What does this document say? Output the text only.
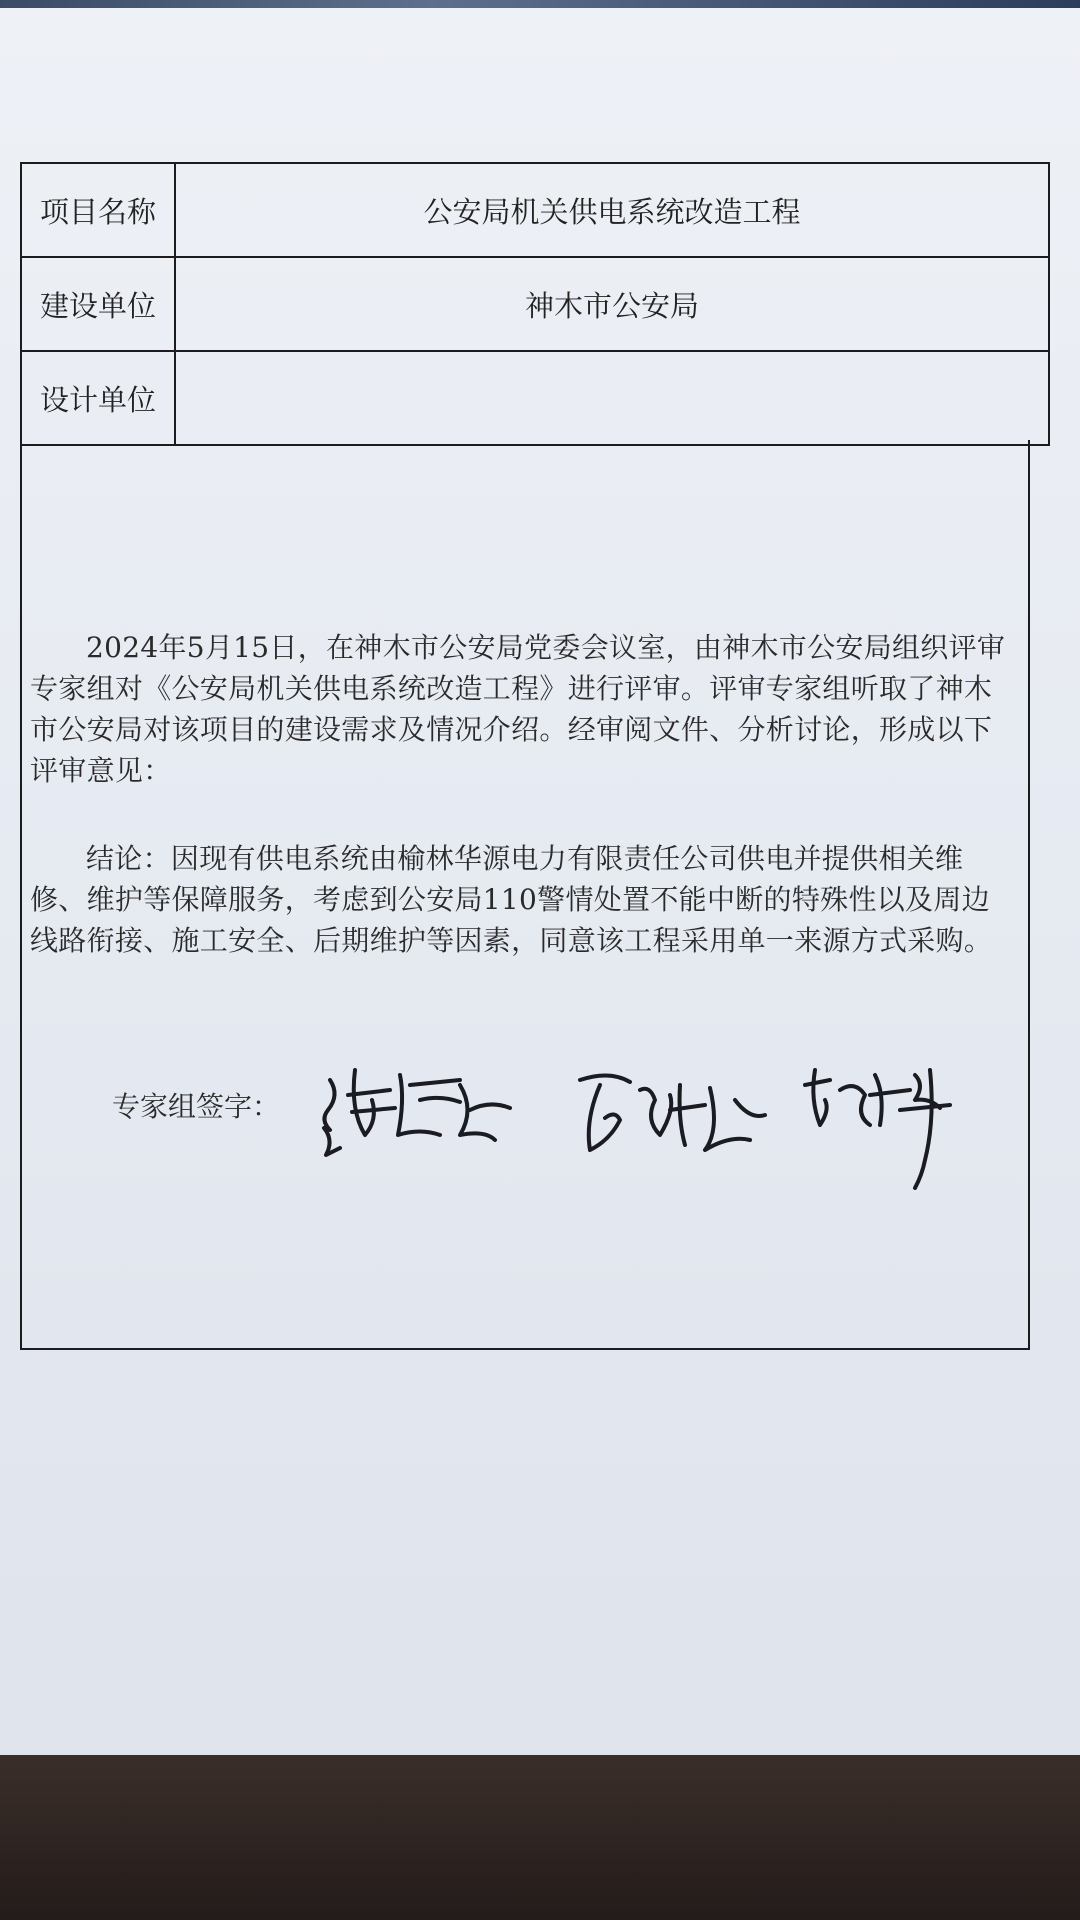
项目名称	公安局机关供电系统改造工程
建设单位	神木市公安局
设计单位	

2024年5月15日，在神木市公安局党委会议室，由神木市公安局组织评审专家组对《公安局机关供电系统改造工程》进行评审。评审专家组听取了神木市公安局对该项目的建设需求及情况介绍。经审阅文件、分析讨论，形成以下评审意见：

结论：因现有供电系统由榆林华源电力有限责任公司供电并提供相关维修、维护等保障服务，考虑到公安局110警情处置不能中断的特殊性以及周边线路衔接、施工安全、后期维护等因素，同意该工程采用单一来源方式采购。

专家组签字：
